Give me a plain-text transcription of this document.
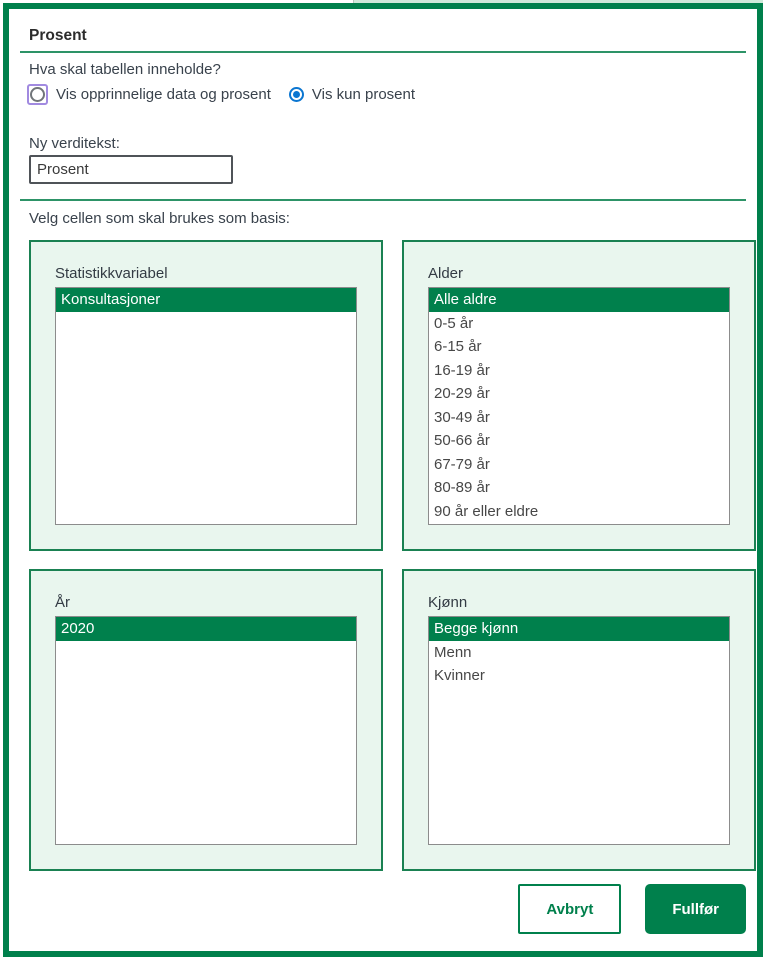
Prosent
Hva skal tabellen inneholde?
Vis opprinnelige data og prosent	Vis kun prosent
Ny verditekst:
Prosent
Velg cellen som skal brukes som basis:
Statistikkvariabel
Konsultasjoner
Alder
Alle aldre
0-5 år
6-15 år
16-19 år
20-29 år
30-49 år
50-66 år
67-79 år
80-89 år
90 år eller eldre
År
2020
Kjønn
Begge kjønn
Menn
Kvinner
Avbryt	Fullfør
